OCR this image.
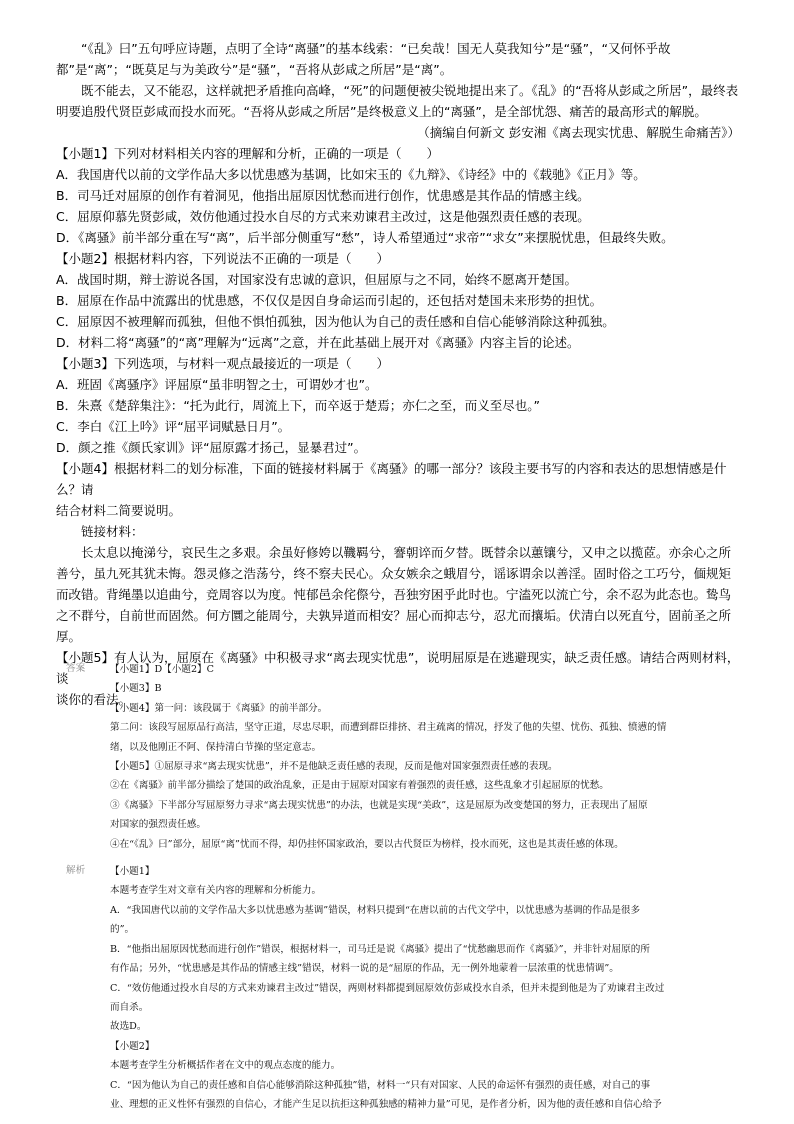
“《乱》曰”五句呼应诗题，点明了全诗“离骚”的基本线索：“已矣哉！国无人莫我知兮”是“骚”，“又何怀乎故都”是“离”；“既莫足与为美政兮”是“骚”，“吾将从彭咸之所居”是“离”。

既不能去，又不能忍，这样就把矛盾推向高峰，“死”的问题便被尖锐地提出来了。《乱》的“吾将从彭咸之所居”，最终表明要追殷代贤臣彭咸而投水而死。“吾将从彭咸之所居”是终极意义上的“离骚”，是全部忧怨、痛苦的最高形式的解脱。

（摘编自何新文 彭安湘《离去现实忧患、解脱生命痛苦》）

【小题1】下列对材料相关内容的理解和分析，正确的一项是（　　）

A．我国唐代以前的文学作品大多以忧患感为基调，比如宋玉的《九辩》、《诗经》中的《载驰》《正月》等。

B．司马迁对屈原的创作有着洞见，他指出屈原因忧愁而进行创作，忧患感是其作品的情感主线。

C．屈原仰慕先贤彭咸，效仿他通过投水自尽的方式来劝谏君主改过，这是他强烈责任感的表现。

D．《离骚》前半部分重在写“离”，后半部分侧重写“愁”，诗人希望通过“求帝”“求女”来摆脱忧患，但最终失败。

【小题2】根据材料内容，下列说法不正确的一项是（　　）

A．战国时期，辩士游说各国，对国家没有忠诚的意识，但屈原与之不同，始终不愿离开楚国。

B．屈原在作品中流露出的忧患感，不仅仅是因自身命运而引起的，还包括对楚国未来形势的担忧。

C．屈原因不被理解而孤独，但他不惧怕孤独，因为他认为自己的责任感和自信心能够消除这种孤独。

D．材料二将“离骚”的“离”理解为“远离”之意，并在此基础上展开对《离骚》内容主旨的论述。

【小题3】下列选项，与材料一观点最接近的一项是（　　）

A．班固《离骚序》评屈原“虽非明智之士，可谓妙才也”。

B．朱熹《楚辞集注》：“托为此行，周流上下，而卒返于楚焉；亦仁之至，而义至尽也。”

C．李白《江上吟》评“屈平词赋悬日月”。

D．颜之推《颜氏家训》评“屈原露才扬己，显暴君过”。

【小题4】根据材料二的划分标准，下面的链接材料属于《离骚》的哪一部分？该段主要书写的内容和表达的思想情感是什么？请

结合材料二简要说明。

链接材料：

长太息以掩涕兮，哀民生之多艰。余虽好修姱以鞿羁兮，謇朝谇而夕替。既替余以蕙镶兮，又申之以揽茝。亦余心之所善兮，虽九死其犹未悔。怨灵修之浩荡兮，终不察夫民心。众女嫉余之蛾眉兮，谣诼谓余以善淫。固时俗之工巧兮，偭规矩而改错。背绳墨以追曲兮，竞周容以为度。忳郁邑余侘傺兮，吾独穷困乎此时也。宁溘死以流亡兮，余不忍为此态也。鸷鸟之不群兮，自前世而固然。何方圜之能周兮，夫孰异道而相安？屈心而抑志兮，忍尤而攘垢。伏清白以死直兮，固前圣之所厚。

【小题5】有人认为，屈原在《离骚》中积极寻求“离去现实忧患”，说明屈原是在逃避现实，缺乏责任感。请结合两则材料，谈

谈你的看法。

答案	【小题1】D【小题2】C

【小题3】B

【小题4】第一问：该段属于《离骚》的前半部分。

第二问：该段写屈原品行高洁，坚守正道，尽忠尽职，而遭到群臣排挤、君主疏离的情况，抒发了他的失望、忧伤、孤独、愤懑的情

绪，以及他刚正不阿、保持清白节操的坚定意志。

【小题5】①屈原寻求“离去现实忧患”，并不是他缺乏责任感的表现，反而是他对国家强烈责任感的表现。

②在《离骚》前半部分描绘了楚国的政治乱象，正是由于屈原对国家有着强烈的责任感，这些乱象才引起屈原的忧愁。

③《离骚》下半部分写屈原努力寻求“离去现实忧患”的办法，也就是实现“美政”，这是屈原为改变楚国的努力，正表现出了屈原

对国家的强烈责任感。

④在“《乱》曰”部分，屈原“离”忧而不得，却仍挂怀国家政治，要以古代贤臣为榜样，投水而死，这也是其责任感的体现。

解析	【小题1】

本题考查学生对文章有关内容的理解和分析能力。

A．“我国唐代以前的文学作品大多以忧患感为基调”错误，材料只提到“在唐以前的古代文学中，以忧患感为基调的作品是很多

的”。

B．“他指出屈原因忧愁而进行创作”错误，根据材料一，司马迁是说《离骚》提出了“忧愁幽思而作《离骚》”，并非针对屈原的所

有作品；另外，“忧患感是其作品的情感主线”错误，材料一说的是“屈原的作品，无一例外地蒙着一层浓重的忧患情调”。

C．“效仿他通过投水自尽的方式来劝谏君主改过”错误，两则材料都提到屈原效仿彭咸投水自杀，但并未提到他是为了劝谏君主改过

而自杀。

故选D。

【小题2】

本题考查学生分析概括作者在文中的观点态度的能力。

C．“因为他认为自己的责任感和自信心能够消除这种孤独”错，材料一“只有对国家、人民的命运怀有强烈的责任感，对自己的事

业、理想的正义性怀有强烈的自信心，才能产生足以抗拒这种孤独感的精神力量”可见，是作者分析，因为他的责任感和自信心给予
